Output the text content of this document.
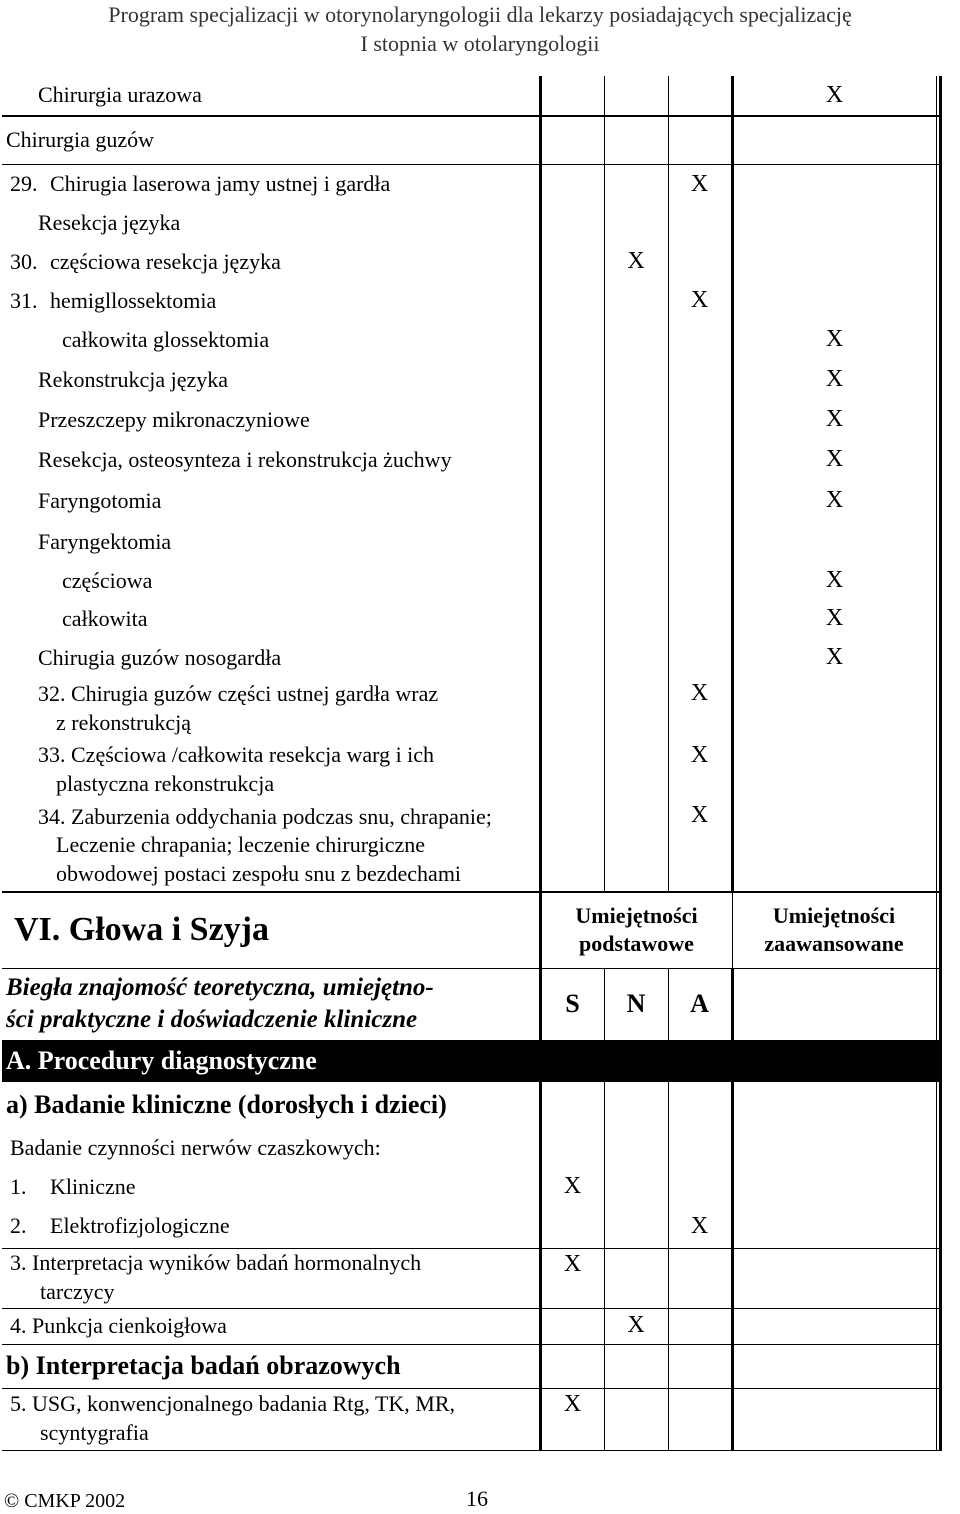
Program specjalizacji w otorynolaryngologii dla lekarzy posiadających specjalizację
I stopnia w otolaryngologii
Chirurgia urazowa				X	

Chirurgia guzów					

29. Chirugia laserowa jamy ustnej i gardła			X		

Resekcja języka					

30. częściowa resekcja języka		X			

31. hemigllossektomia			X		

całkowita glossektomia				X	

Rekonstrukcja języka				X	

Przeszczepy mikronaczyniowe				X	

Resekcja, osteosynteza i rekonstrukcja żuchwy				X	

Faryngotomia				X	

Faryngektomia					

częściowa				X	

całkowita				X	

Chirugia guzów nosogardła				X	

32. Chirugia guzów części ustnej gardła wraz
z rekonstrukcją			X		

33. Częściowa /całkowita resekcja warg i ich
plastyczna rekonstrukcja			X		

34. Zaburzenia oddychania podczas snu, chrapanie;
Leczenie chrapania; leczenie chirurgiczne
obwodowej postaci zespołu snu z bezdechami			X		
VI. Głowa i Szyja	Umiejętności podstawowe			Umiejętności zaawansowane	

Biegła znajomość teoretyczna, umiejętno-
ści praktyczne i doświadczenie kliniczne	S	N	A		
A. Procedury diagnostyczne					
a) Badanie kliniczne (dorosłych i dzieci)					

Badanie czynności nerwów czaszkowych:					

1. Kliniczne	X				

2. Elektrofizjologiczne			X		

3. Interpretacja wyników badań hormonalnych
tarczycy	X				

4. Punkcja cienkoigłowa		X			
b) Interpretacja badań obrazowych					

5. USG, konwencjonalnego badania Rtg, TK, MR,
scyntygrafia	X				
© CMKP 2002	16
